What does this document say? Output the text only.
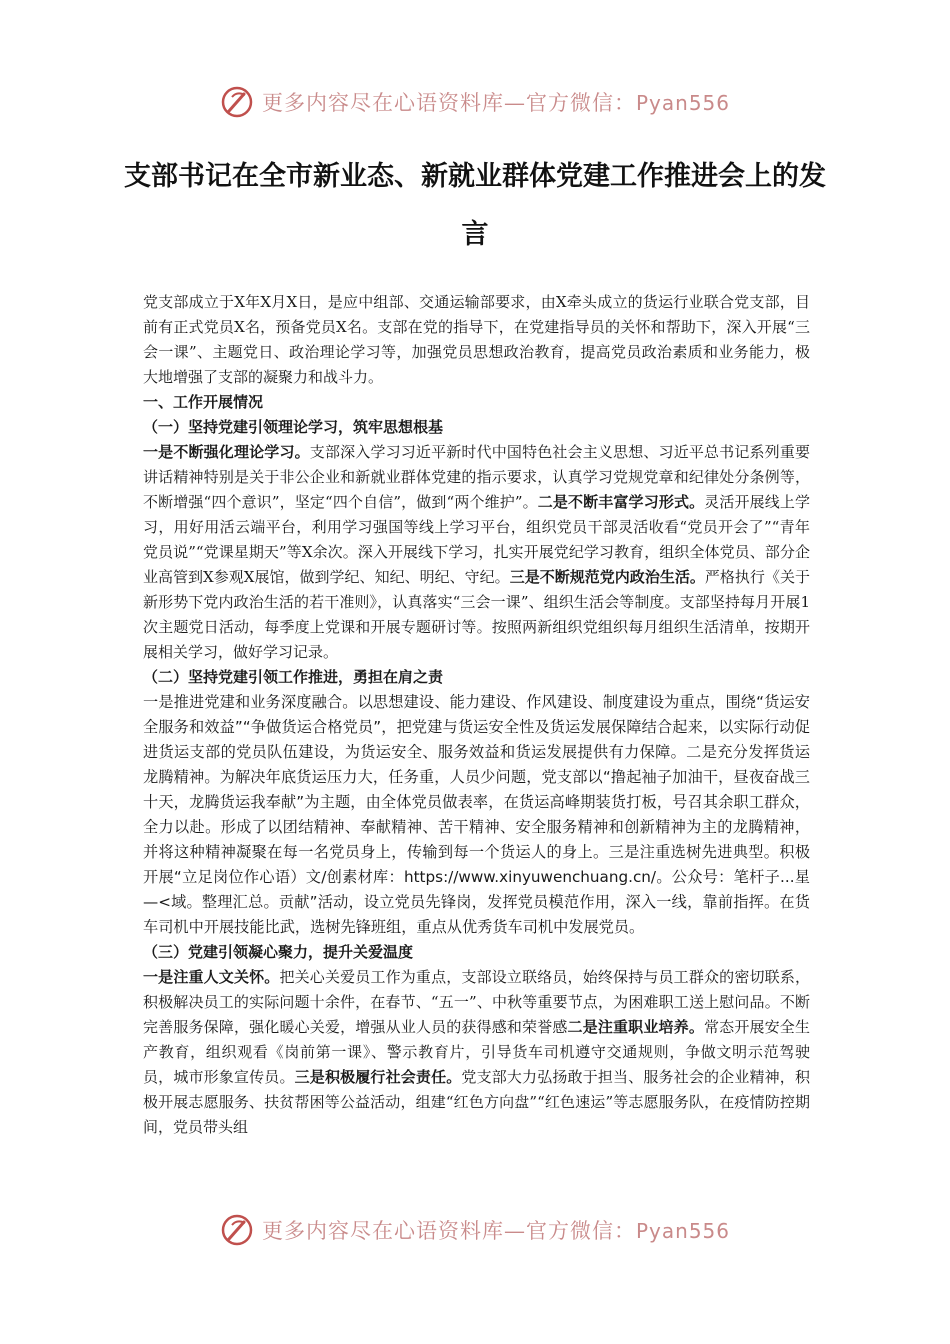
更多内容尽在心语资料库—官方微信：Pyan556
支部书记在全市新业态、新就业群体党建工作推进会上的发言

党支部成立于X年X月X日，是应中组部、交通运输部要求，由X牵头成立的货运行业联合党支部，目前有正式党员X名，预备党员X名。支部在党的指导下，在党建指导员的关怀和帮助下，深入开展“三会一课”、主题党日、政治理论学习等，加强党员思想政治教育，提高党员政治素质和业务能力，极大地增强了支部的凝聚力和战斗力。

一、工作开展情况

（一）坚持党建引领理论学习，筑牢思想根基

一是不断强化理论学习。支部深入学习习近平新时代中国特色社会主义思想、习近平总书记系列重要讲话精神特别是关于非公企业和新就业群体党建的指示要求，认真学习党规党章和纪律处分条例等，不断增强“四个意识”，坚定“四个自信”，做到“两个维护”。二是不断丰富学习形式。灵活开展线上学习，用好用活云端平台，利用学习强国等线上学习平台，组织党员干部灵活收看“党员开会了”“青年党员说”“党课星期天”等X余次。深入开展线下学习，扎实开展党纪学习教育，组织全体党员、部分企业高管到X参观X展馆，做到学纪、知纪、明纪、守纪。三是不断规范党内政治生活。严格执行《关于新形势下党内政治生活的若干准则》，认真落实“三会一课”、组织生活会等制度。支部坚持每月开展1次主题党日活动，每季度上党课和开展专题研讨等。按照两新组织党组织每月组织生活清单，按期开展相关学习，做好学习记录。

（二）坚持党建引领工作推进，勇担在肩之责

一是推进党建和业务深度融合。以思想建设、能力建设、作风建设、制度建设为重点，围绕“货运安全服务和效益”“争做货运合格党员”，把党建与货运安全性及货运发展保障结合起来，以实际行动促进货运支部的党员队伍建设，为货运安全、服务效益和货运发展提供有力保障。二是充分发挥货运龙腾精神。为解决年底货运压力大，任务重，人员少问题，党支部以“撸起袖子加油干，昼夜奋战三十天，龙腾货运我奉献”为主题，由全体党员做表率，在货运高峰期装货打板，号召其余职工群众，全力以赴。形成了以团结精神、奉献精神、苦干精神、安全服务精神和创新精神为主的龙腾精神，并将这种精神凝聚在每一名党员身上，传输到每一个货运人的身上。三是注重选树先进典型。积极开展“立足岗位作心语）文/创素材库：https://www.xinyuwenchuang.cn/。公众号：笔杆子...星—<域。整理汇总。贡献”活动，设立党员先锋岗，发挥党员模范作用，深入一线，靠前指挥。在货车司机中开展技能比武，选树先锋班组，重点从优秀货车司机中发展党员。

（三）党建引领凝心聚力，提升关爱温度

一是注重人文关怀。把关心关爱员工作为重点，支部设立联络员，始终保持与员工群众的密切联系，积极解决员工的实际问题十余件，在春节、“五一”、中秋等重要节点，为困难职工送上慰问品。不断完善服务保障，强化暖心关爱，增强从业人员的获得感和荣誉感二是注重职业培养。常态开展安全生产教育，组织观看《岗前第一课》、警示教育片，引导货车司机遵守交通规则，争做文明示范驾驶员，城市形象宣传员。三是积极履行社会责任。党支部大力弘扬敢于担当、服务社会的企业精神，积极开展志愿服务、扶贫帮困等公益活动，组建“红色方向盘”“红色速运”等志愿服务队，在疫情防控期间，党员带头组

更多内容尽在心语资料库—官方微信：Pyan556
